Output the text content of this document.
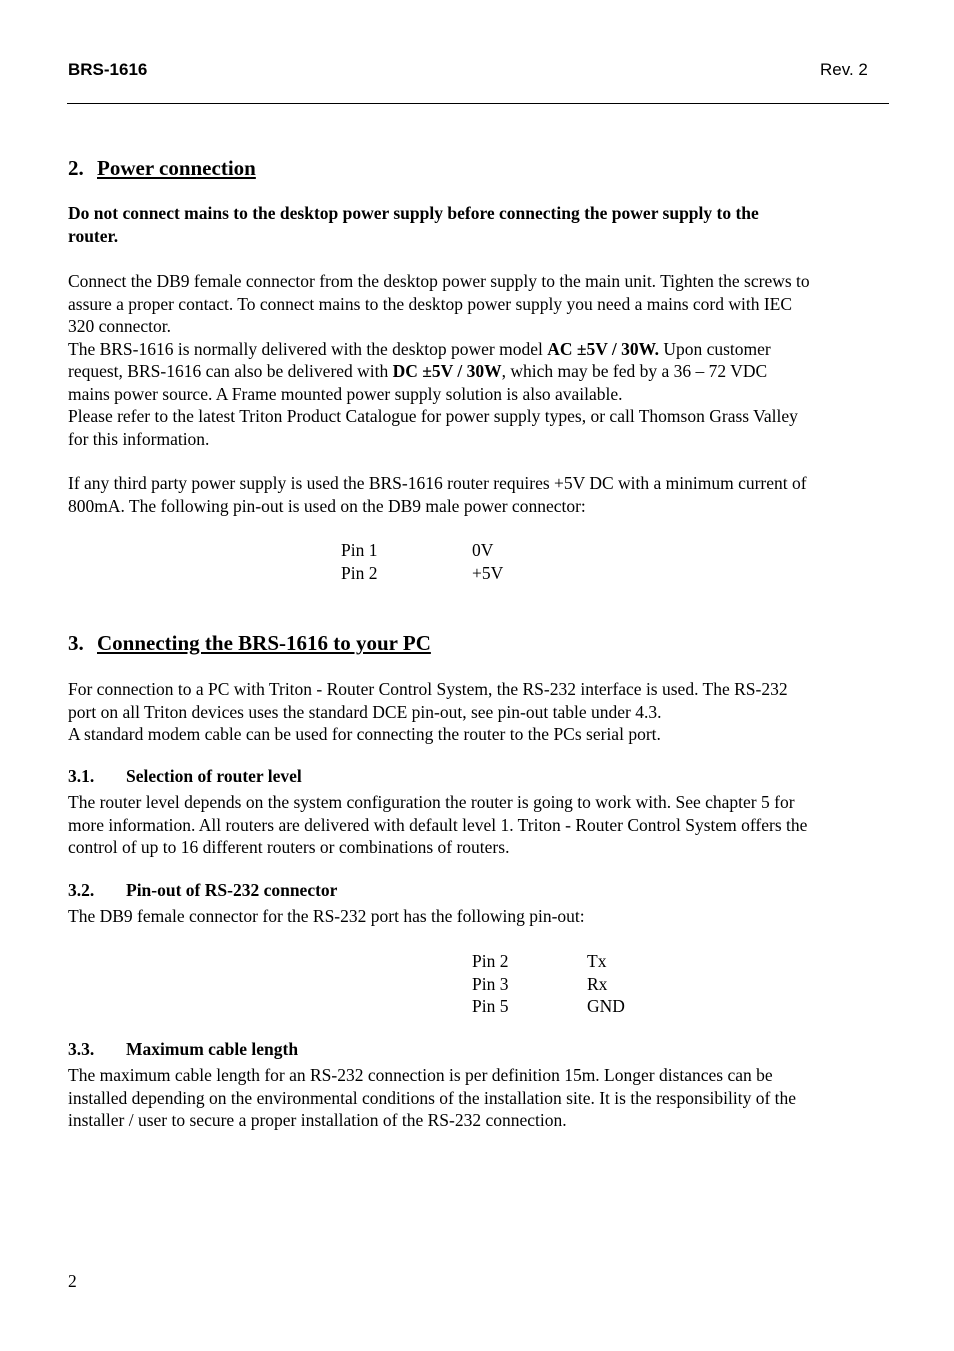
BRS-1616	Rev. 2
2. Power connection
Do not connect mains to the desktop power supply before connecting the power supply to the
router.
Connect the DB9 female connector from the desktop power supply to the main unit. Tighten the screws to
assure a proper contact. To connect mains to the desktop power supply you need a mains cord with IEC
320 connector.
The BRS-1616 is normally delivered with the desktop power model AC ±5V / 30W. Upon customer
request, BRS-1616 can also be delivered with DC ±5V / 30W, which may be fed by a 36 – 72 VDC
mains power source. A Frame mounted power supply solution is also available.
Please refer to the latest Triton Product Catalogue for power supply types, or call Thomson Grass Valley
for this information.
If any third party power supply is used the BRS-1616 router requires +5V DC with a minimum current of
800mA. The following pin-out is used on the DB9 male power connector:
Pin 1	0V
Pin 2	+5V
3. Connecting the BRS-1616 to your PC
For connection to a PC with Triton - Router Control System, the RS-232 interface is used. The RS-232
port on all Triton devices uses the standard DCE pin-out, see pin-out table under 4.3.
A standard modem cable can be used for connecting the router to the PCs serial port.
3.1. Selection of router level
The router level depends on the system configuration the router is going to work with. See chapter 5 for
more information. All routers are delivered with default level 1. Triton - Router Control System offers the
control of up to 16 different routers or combinations of routers.
3.2. Pin-out of RS-232 connector
The DB9 female connector for the RS-232 port has the following pin-out:
Pin 2	Tx
Pin 3	Rx
Pin 5	GND
3.3. Maximum cable length
The maximum cable length for an RS-232 connection is per definition 15m. Longer distances can be
installed depending on the environmental conditions of the installation site. It is the responsibility of the
installer / user to secure a proper installation of the RS-232 connection.
2
